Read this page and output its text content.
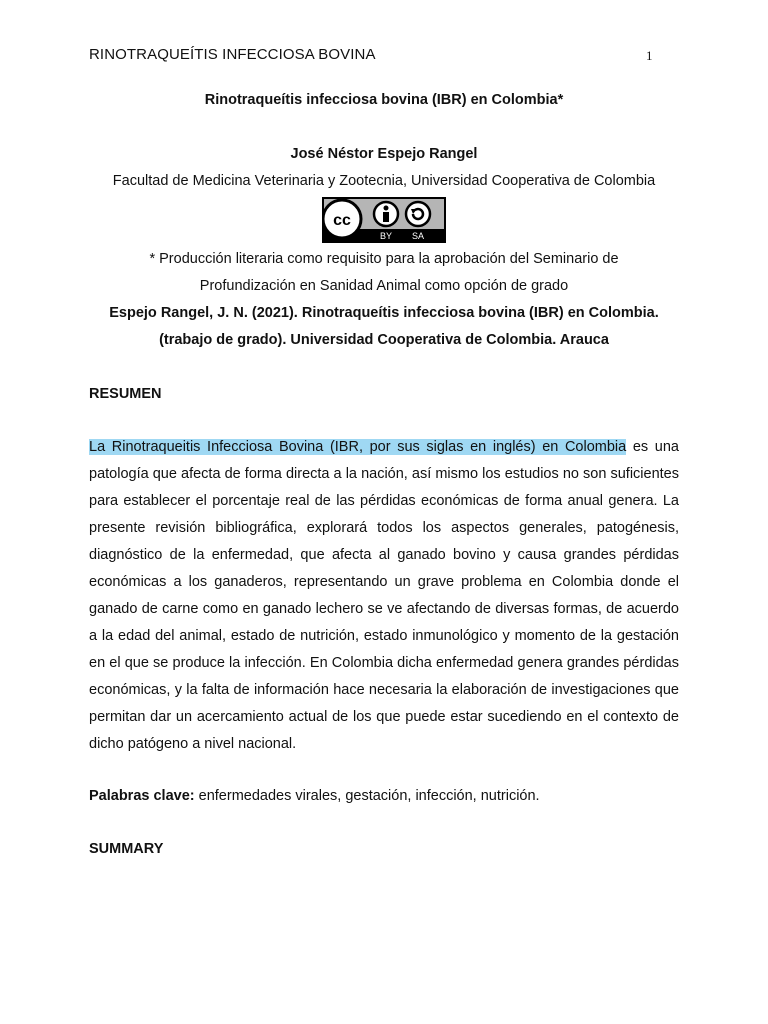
RINOTRAQUEÍTIS INFECCIOSA BOVINA	1
Rinotraqueítis infecciosa bovina (IBR) en Colombia*
José Néstor Espejo Rangel
Facultad de Medicina Veterinaria y Zootecnia, Universidad Cooperativa de Colombia
cc
BY SA
* Producción literaria como requisito para la aprobación del Seminario de
Profundización en Sanidad Animal como opción de grado
Espejo Rangel, J. N. (2021). Rinotraqueítis infecciosa bovina (IBR) en Colombia.
(trabajo de grado). Universidad Cooperativa de Colombia. Arauca
RESUMEN
La Rinotraqueitis Infecciosa Bovina (IBR, por sus siglas en inglés) en Colombia es una patología que afecta de forma directa a la nación, así mismo los estudios no son suficientes para establecer el porcentaje real de las pérdidas económicas de forma anual genera. La presente revisión bibliográfica, explorará todos los aspectos generales, patogénesis, diagnóstico de la enfermedad, que afecta al ganado bovino y causa grandes pérdidas económicas a los ganaderos, representando un grave problema en Colombia donde el ganado de carne como en ganado lechero se ve afectando de diversas formas, de acuerdo a la edad del animal, estado de nutrición, estado inmunológico y momento de la gestación en el que se produce la infección. En Colombia dicha enfermedad genera grandes pérdidas económicas, y la falta de información hace necesaria la elaboración de investigaciones que permitan dar un acercamiento actual de los que puede estar sucediendo en el contexto de dicho patógeno a nivel nacional.
Palabras clave: enfermedades virales, gestación, infección, nutrición.
SUMMARY
